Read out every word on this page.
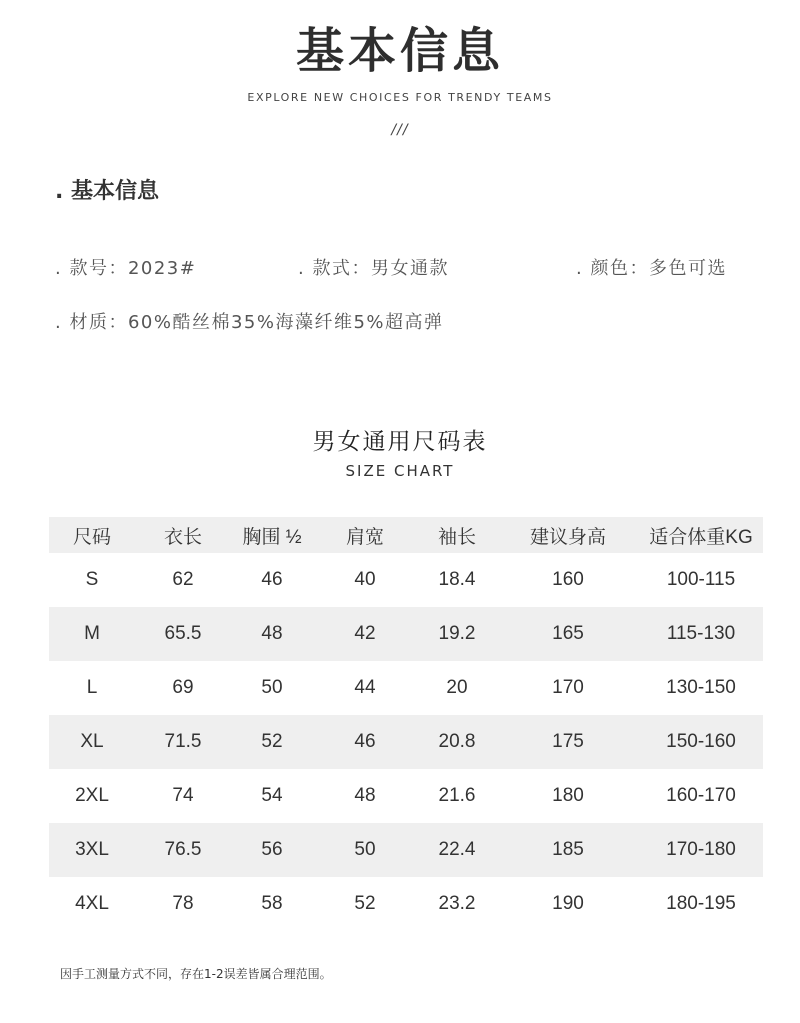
基本信息
EXPLORE NEW CHOICES FOR TRENDY TEAMS
///
. 基本信息
. 款号：2023#	. 款式：男女通款	. 颜色：多色可选
. 材质：60%酷丝棉35%海藻纤维5%超高弹
男女通用尺码表
SIZE CHART
尺码	衣长	胸围 ½	肩宽	袖长	建议身高	适合体重KG
S	62	46	40	18.4	160	100-115
M	65.5	48	42	19.2	165	115-130
L	69	50	44	20	170	130-150
XL	71.5	52	46	20.8	175	150-160
2XL	74	54	48	21.6	180	160-170
3XL	76.5	56	50	22.4	185	170-180
4XL	78	58	52	23.2	190	180-195
因手工测量方式不同，存在1-2误差皆属合理范围。
